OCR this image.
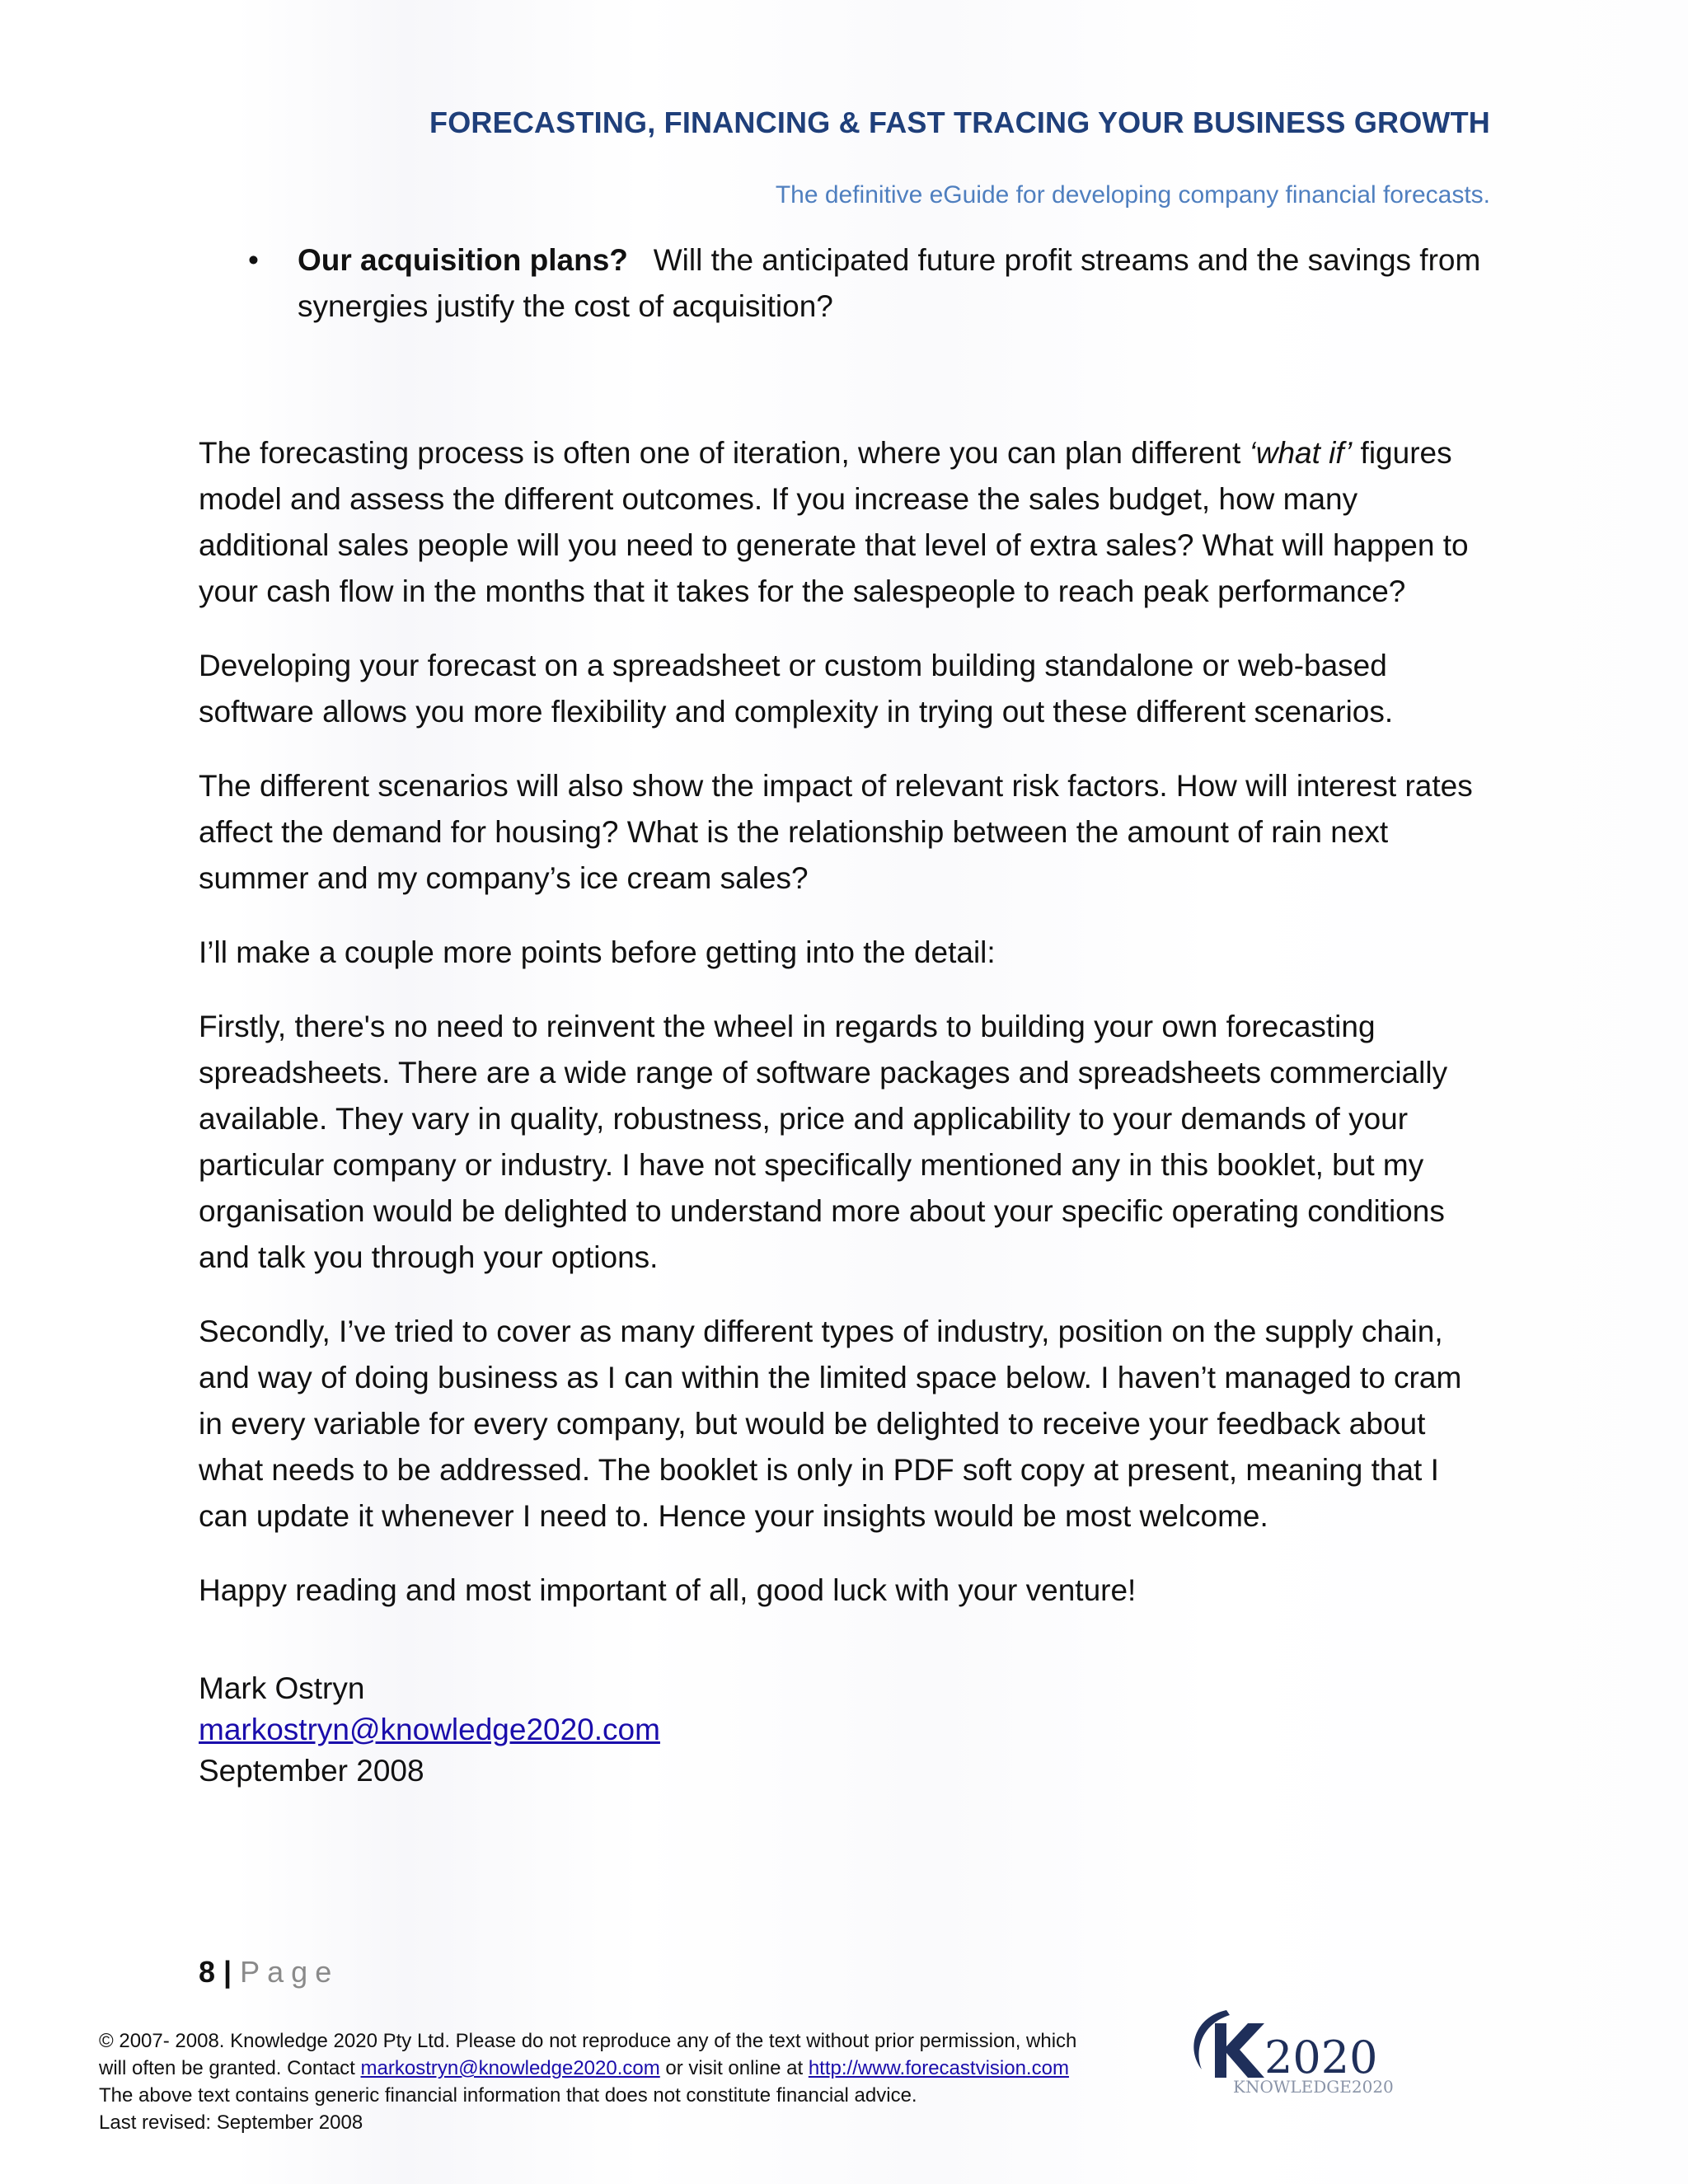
FORECASTING, FINANCING & FAST TRACING YOUR BUSINESS GROWTH
The definitive eGuide for developing company financial forecasts.
• Our acquisition plans? Will the anticipated future profit streams and the savings from synergies justify the cost of acquisition?

The forecasting process is often one of iteration, where you can plan different ‘what if’ figures model and assess the different outcomes. If you increase the sales budget, how many additional sales people will you need to generate that level of extra sales? What will happen to your cash flow in the months that it takes for the salespeople to reach peak performance?

Developing your forecast on a spreadsheet or custom building standalone or web-based software allows you more flexibility and complexity in trying out these different scenarios.

The different scenarios will also show the impact of relevant risk factors. How will interest rates affect the demand for housing? What is the relationship between the amount of rain next summer and my company’s ice cream sales?

I’ll make a couple more points before getting into the detail:

Firstly, there's no need to reinvent the wheel in regards to building your own forecasting spreadsheets. There are a wide range of software packages and spreadsheets commercially available. They vary in quality, robustness, price and applicability to your demands of your particular company or industry. I have not specifically mentioned any in this booklet, but my organisation would be delighted to understand more about your specific operating conditions and talk you through your options.

Secondly, I’ve tried to cover as many different types of industry, position on the supply chain, and way of doing business as I can within the limited space below. I haven’t managed to cram in every variable for every company, but would be delighted to receive your feedback about what needs to be addressed. The booklet is only in PDF soft copy at present, meaning that I can update it whenever I need to. Hence your insights would be most welcome.

Happy reading and most important of all, good luck with your venture!

Mark Ostryn
markostryn@knowledge2020.com
September 2008
8 | Page
© 2007- 2008. Knowledge 2020 Pty Ltd. Please do not reproduce any of the text without prior permission, which
will often be granted. Contact markostryn@knowledge2020.com or visit online at http://www.forecastvision.com
The above text contains generic financial information that does not constitute financial advice.
Last revised: September 2008
2020
KNOWLEDGE2020
